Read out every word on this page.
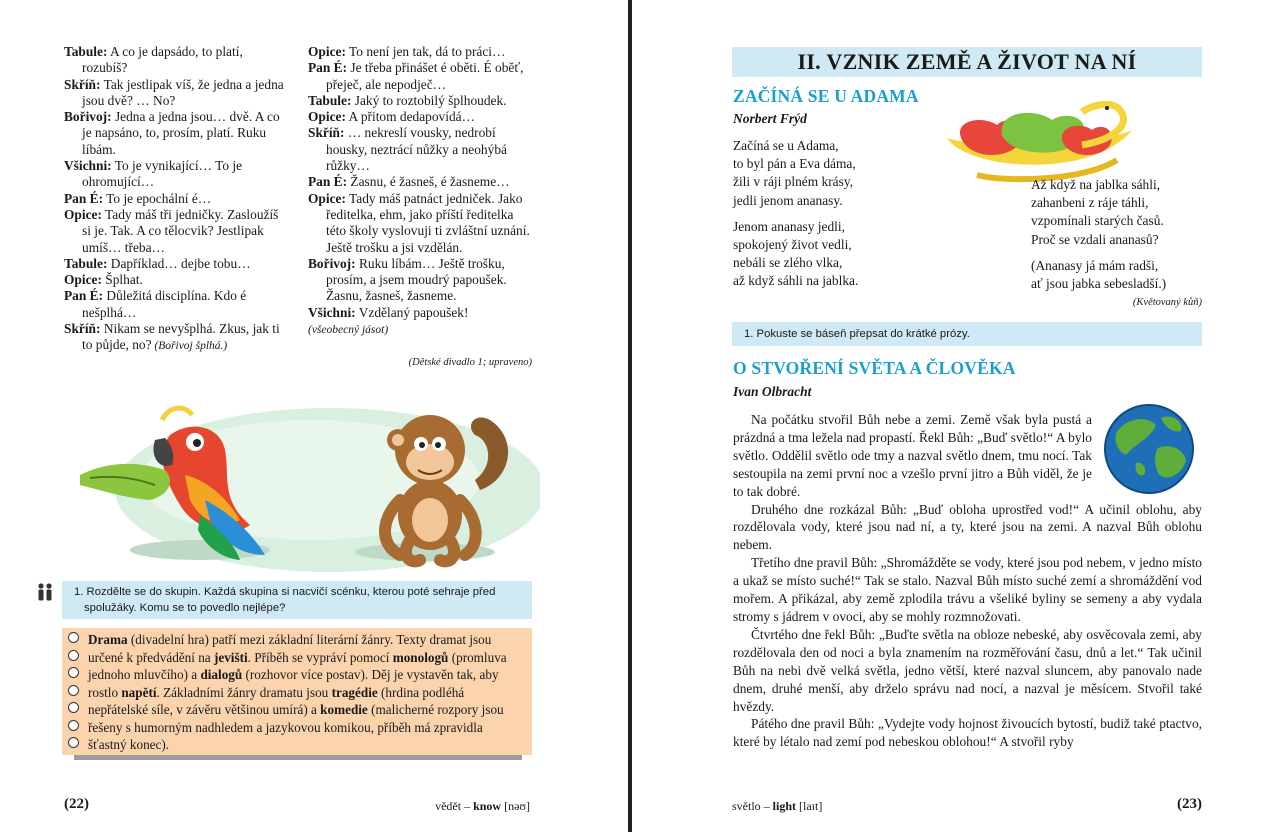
Tabule: A co je dapsádo, to platí, rozubíš?
Skříň: Tak jestlipak víš, že jedna a jedna jsou dvě? … No?
Bořivoj: Jedna a jedna jsou… dvě. A co je napsáno, to, prosím, platí. Ruku líbám.
Všichni: To je vynikající… To je ohromující…
Pan É: To je epochální é…
Opice: Tady máš tři jedničky. Zasloužíš si je. Tak. A co tělocvik? Jestlipak umíš… třeba…
Tabule: Dapříklad… dejbe tobu…
Opice: Šplhat.
Pan É: Důležitá disciplína. Kdo é nešplhá…
Skříň: Nikam se nevyšplhá. Zkus, jak ti to půjde, no? (Bořivoj šplhá.)
Opice: To není jen tak, dá to práci…
Pan É: Je třeba přinášet é oběti. É oběť, přeječ, ale nepodječ…
Tabule: Jaký to roztobilý šplhoudek.
Opice: A přitom dedapovídá…
Skříň: … nekreslí vousky, nedrobí housky, neztrácí nůžky a neohýbá růžky…
Pan É: Žasnu, é žasneš, é žasneme…
Opice: Tady máš patnáct jedniček. Jako ředitelka, ehm, jako příští ředitelka této školy vyslovuji ti zvláštní uznání. Ještě trošku a jsi vzdělán.
Bořivoj: Ruku líbám… Ještě trošku, prosím, a jsem moudrý papoušek. Žasnu, žasneš, žasneme.
Všichni: Vzdělaný papoušek!
(všeobecný jásot)
(Dětské divadlo 1; upraveno)
1. Rozdělte se do skupin. Každá skupina si nacvičí scénku, kterou poté sehraje před spolužáky. Komu se to povedlo nejlépe?
Drama (divadelní hra) patří mezi základní literární žánry. Texty dramat jsou určené k předvádění na jevišti. Příběh se vypráví pomocí monologů (promluva jednoho mluvčího) a dialogů (rozhovor více postav). Děj je vystavěn tak, aby rostlo napětí. Základními žánry dramatu jsou tragédie (hrdina podléhá nepřátelské síle, v závěru většinou umírá) a komedie (malicherné rozpory jsou řešeny s humorným nadhledem a jazykovou komikou, příběh má zpravidla šťastný konec).
(22)	vědět – know [nəʊ]
II. VZNIK ZEMĚ A ŽIVOT NA NÍ
ZAČÍNÁ SE U ADAMA
Norbert Frýd
Začíná se u Adama,
to byl pán a Eva dáma,
žili v ráji plném krásy,
jedli jenom ananasy.
Jenom ananasy jedli,
spokojený život vedli,
nebáli se zlého vlka,
až když sáhli na jablka.
Až když na jablka sáhli,
zahanbeni z ráje táhli,
vzpomínali starých časů.
Proč se vzdali ananasů?
(Ananasy já mám radši,
ať jsou jabka sebesladší.)
(Květovaný kůň)
1. Pokuste se báseň přepsat do krátké prózy.
O STVOŘENÍ SVĚTA A ČLOVĚKA
Ivan Olbracht

Na počátku stvořil Bůh nebe a zemi. Země však byla pustá a prázdná a tma ležela nad propastí. Řekl Bůh: „Buď světlo!“ A bylo světlo. Oddělil světlo ode tmy a nazval světlo dnem, tmu nocí. Tak sestoupila na zemi první noc a vzešlo první jitro a Bůh viděl, že je to tak dobré.

Druhého dne rozkázal Bůh: „Buď obloha uprostřed vod!“ A učinil oblohu, aby rozdělovala vody, které jsou nad ní, a ty, které jsou na zemi. A nazval Bůh oblohu nebem.

Třetího dne pravil Bůh: „Shromážděte se vody, které jsou pod nebem, v jedno místo a ukaž se místo suché!“ Tak se stalo. Nazval Bůh místo suché zemí a shromáždění vod mořem. A přikázal, aby země zplodila trávu a všeliké byliny se semeny a aby vydala stromy s jádrem v ovoci, aby se mohly rozmnožovati.

Čtvrtého dne řekl Bůh: „Buďte světla na obloze nebeské, aby osvěcovala zemi, aby rozdělovala den od noci a byla znamením na rozměřování času, dnů a let.“ Tak učinil Bůh na nebi dvě velká světla, jedno větší, které nazval sluncem, aby panovalo nade dnem, druhé menší, aby drželo správu nad nocí, a nazval je měsícem. Stvořil také hvězdy.

Pátého dne pravil Bůh: „Vydejte vody hojnost živoucích bytostí, budiž také ptactvo, které by létalo nad zemí pod nebeskou oblohou!“ A stvořil ryby

světlo – light [laɪt]	(23)
